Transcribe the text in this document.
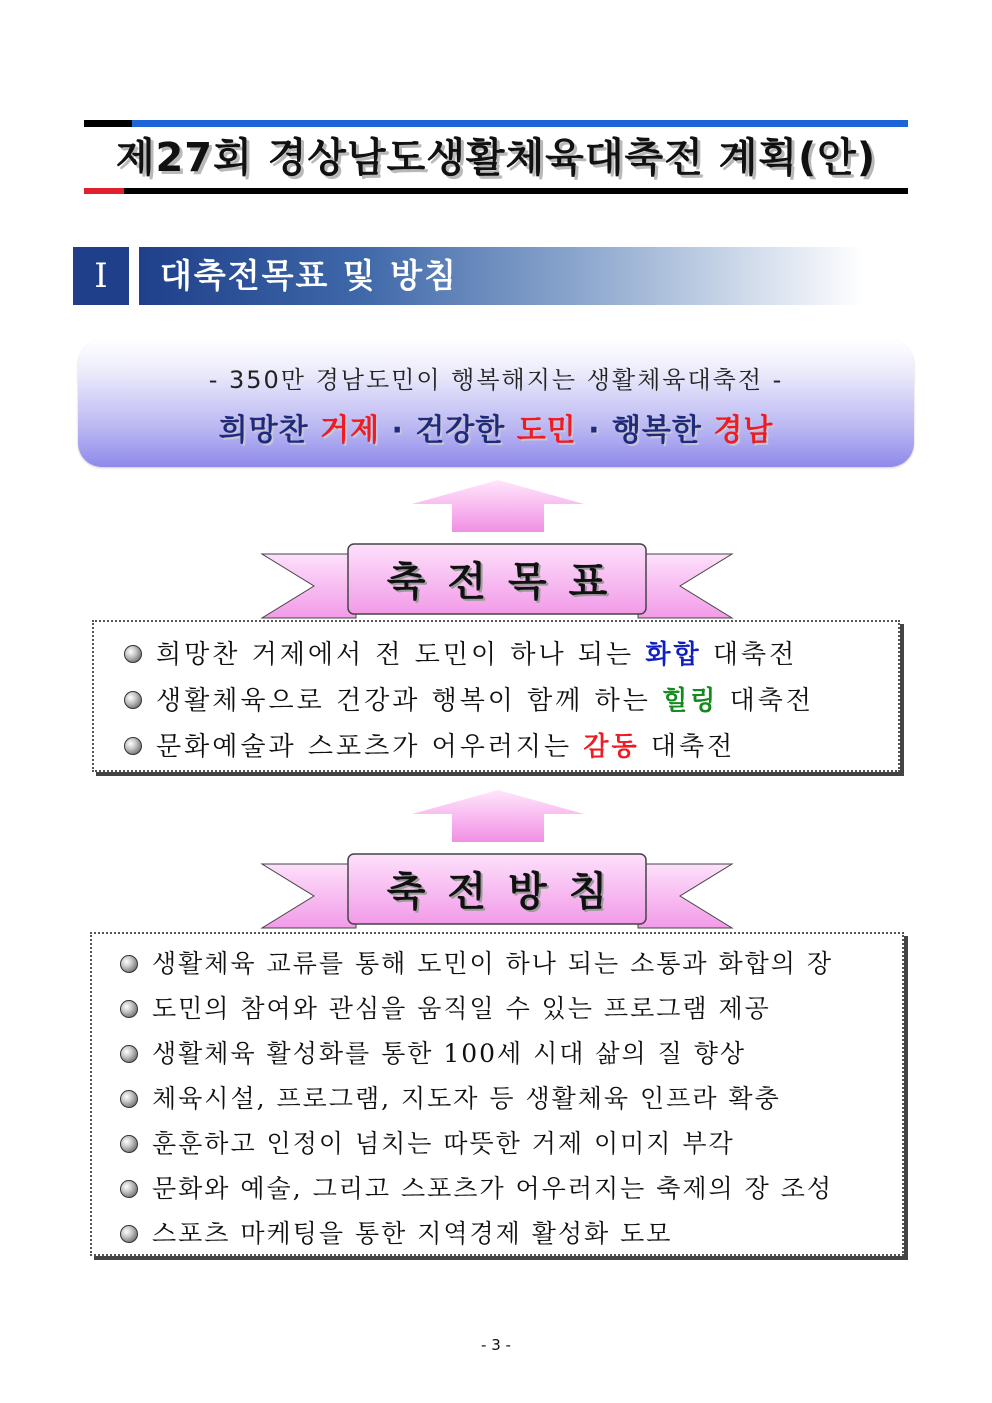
제27회 경상남도생활체육대축전 계획(안)
Ⅰ	대축전목표 및 방침
- 350만 경남도민이 행복해지는 생활체육대축전 -
희망찬 거제 · 건강한 도민 · 행복한 경남
축전목표
희망찬 거제에서 전 도민이 하나 되는 화합 대축전
생활체육으로 건강과 행복이 함께 하는 힐링 대축전
문화예술과 스포츠가 어우러지는 감동 대축전
축전방침
생활체육 교류를 통해 도민이 하나 되는 소통과 화합의 장
도민의 참여와 관심을 움직일 수 있는 프로그램 제공
생활체육 활성화를 통한 100세 시대 삶의 질 향상
체육시설, 프로그램, 지도자 등 생활체육 인프라 확충
훈훈하고 인정이 넘치는 따뜻한 거제 이미지 부각
문화와 예술, 그리고 스포츠가 어우러지는 축제의 장 조성
스포츠 마케팅을 통한 지역경제 활성화 도모
- 3 -
